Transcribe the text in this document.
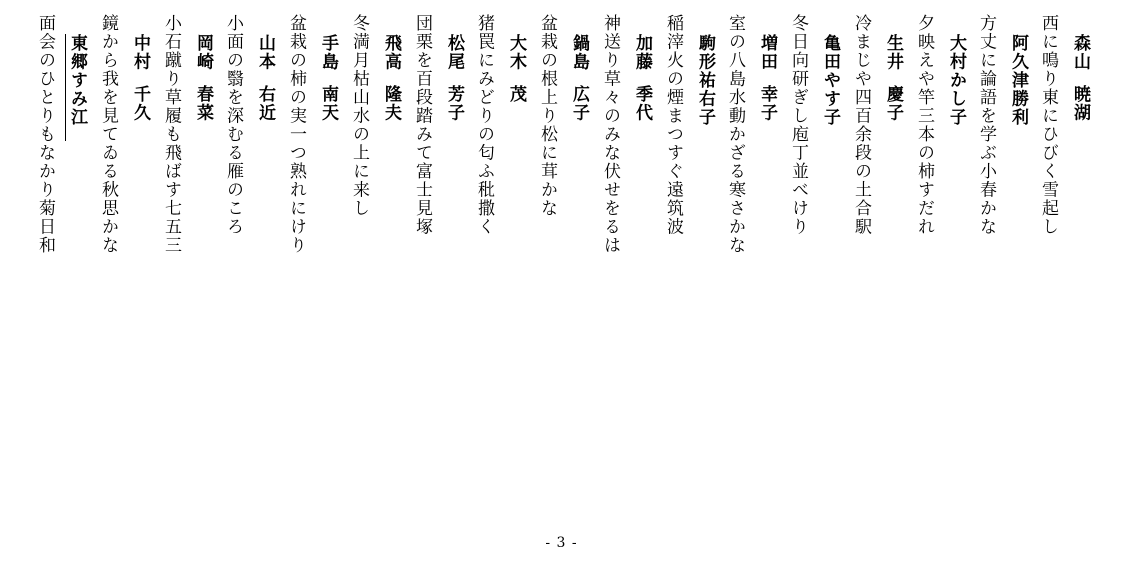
森山暁湖
西に鳴り東にひびく雪起し
阿久津勝利
方丈に論語を学ぶ小春かな
大村かし子
夕映えや竿三本の柿すだれ
生井慶子
冷まじや四百余段の土合駅
亀田やす子
冬日向研ぎし庖丁並べけり
増田幸子
室の八島水動かざる寒さかな
駒形祐右子
稲滓火の煙まつすぐ遠筑波
加藤季代
神送り草々のみな伏せをるは
鍋島広子
盆栽の根上り松に茸かな
大木茂
猪罠にみどりの匂ふ秕撒く
松尾芳子
団栗を百段踏みて富士見塚
飛高隆夫
冬満月枯山水の上に来し
手島南天
盆栽の柿の実一つ熟れにけり
山本右近
小面の翳を深むる雁のころ
岡崎春菜
小石蹴り草履も飛ばす七五三
中村千久
鏡から我を見てゐる秋思かな
東郷すみ江
面会のひとりもなかり菊日和
- 3 -
